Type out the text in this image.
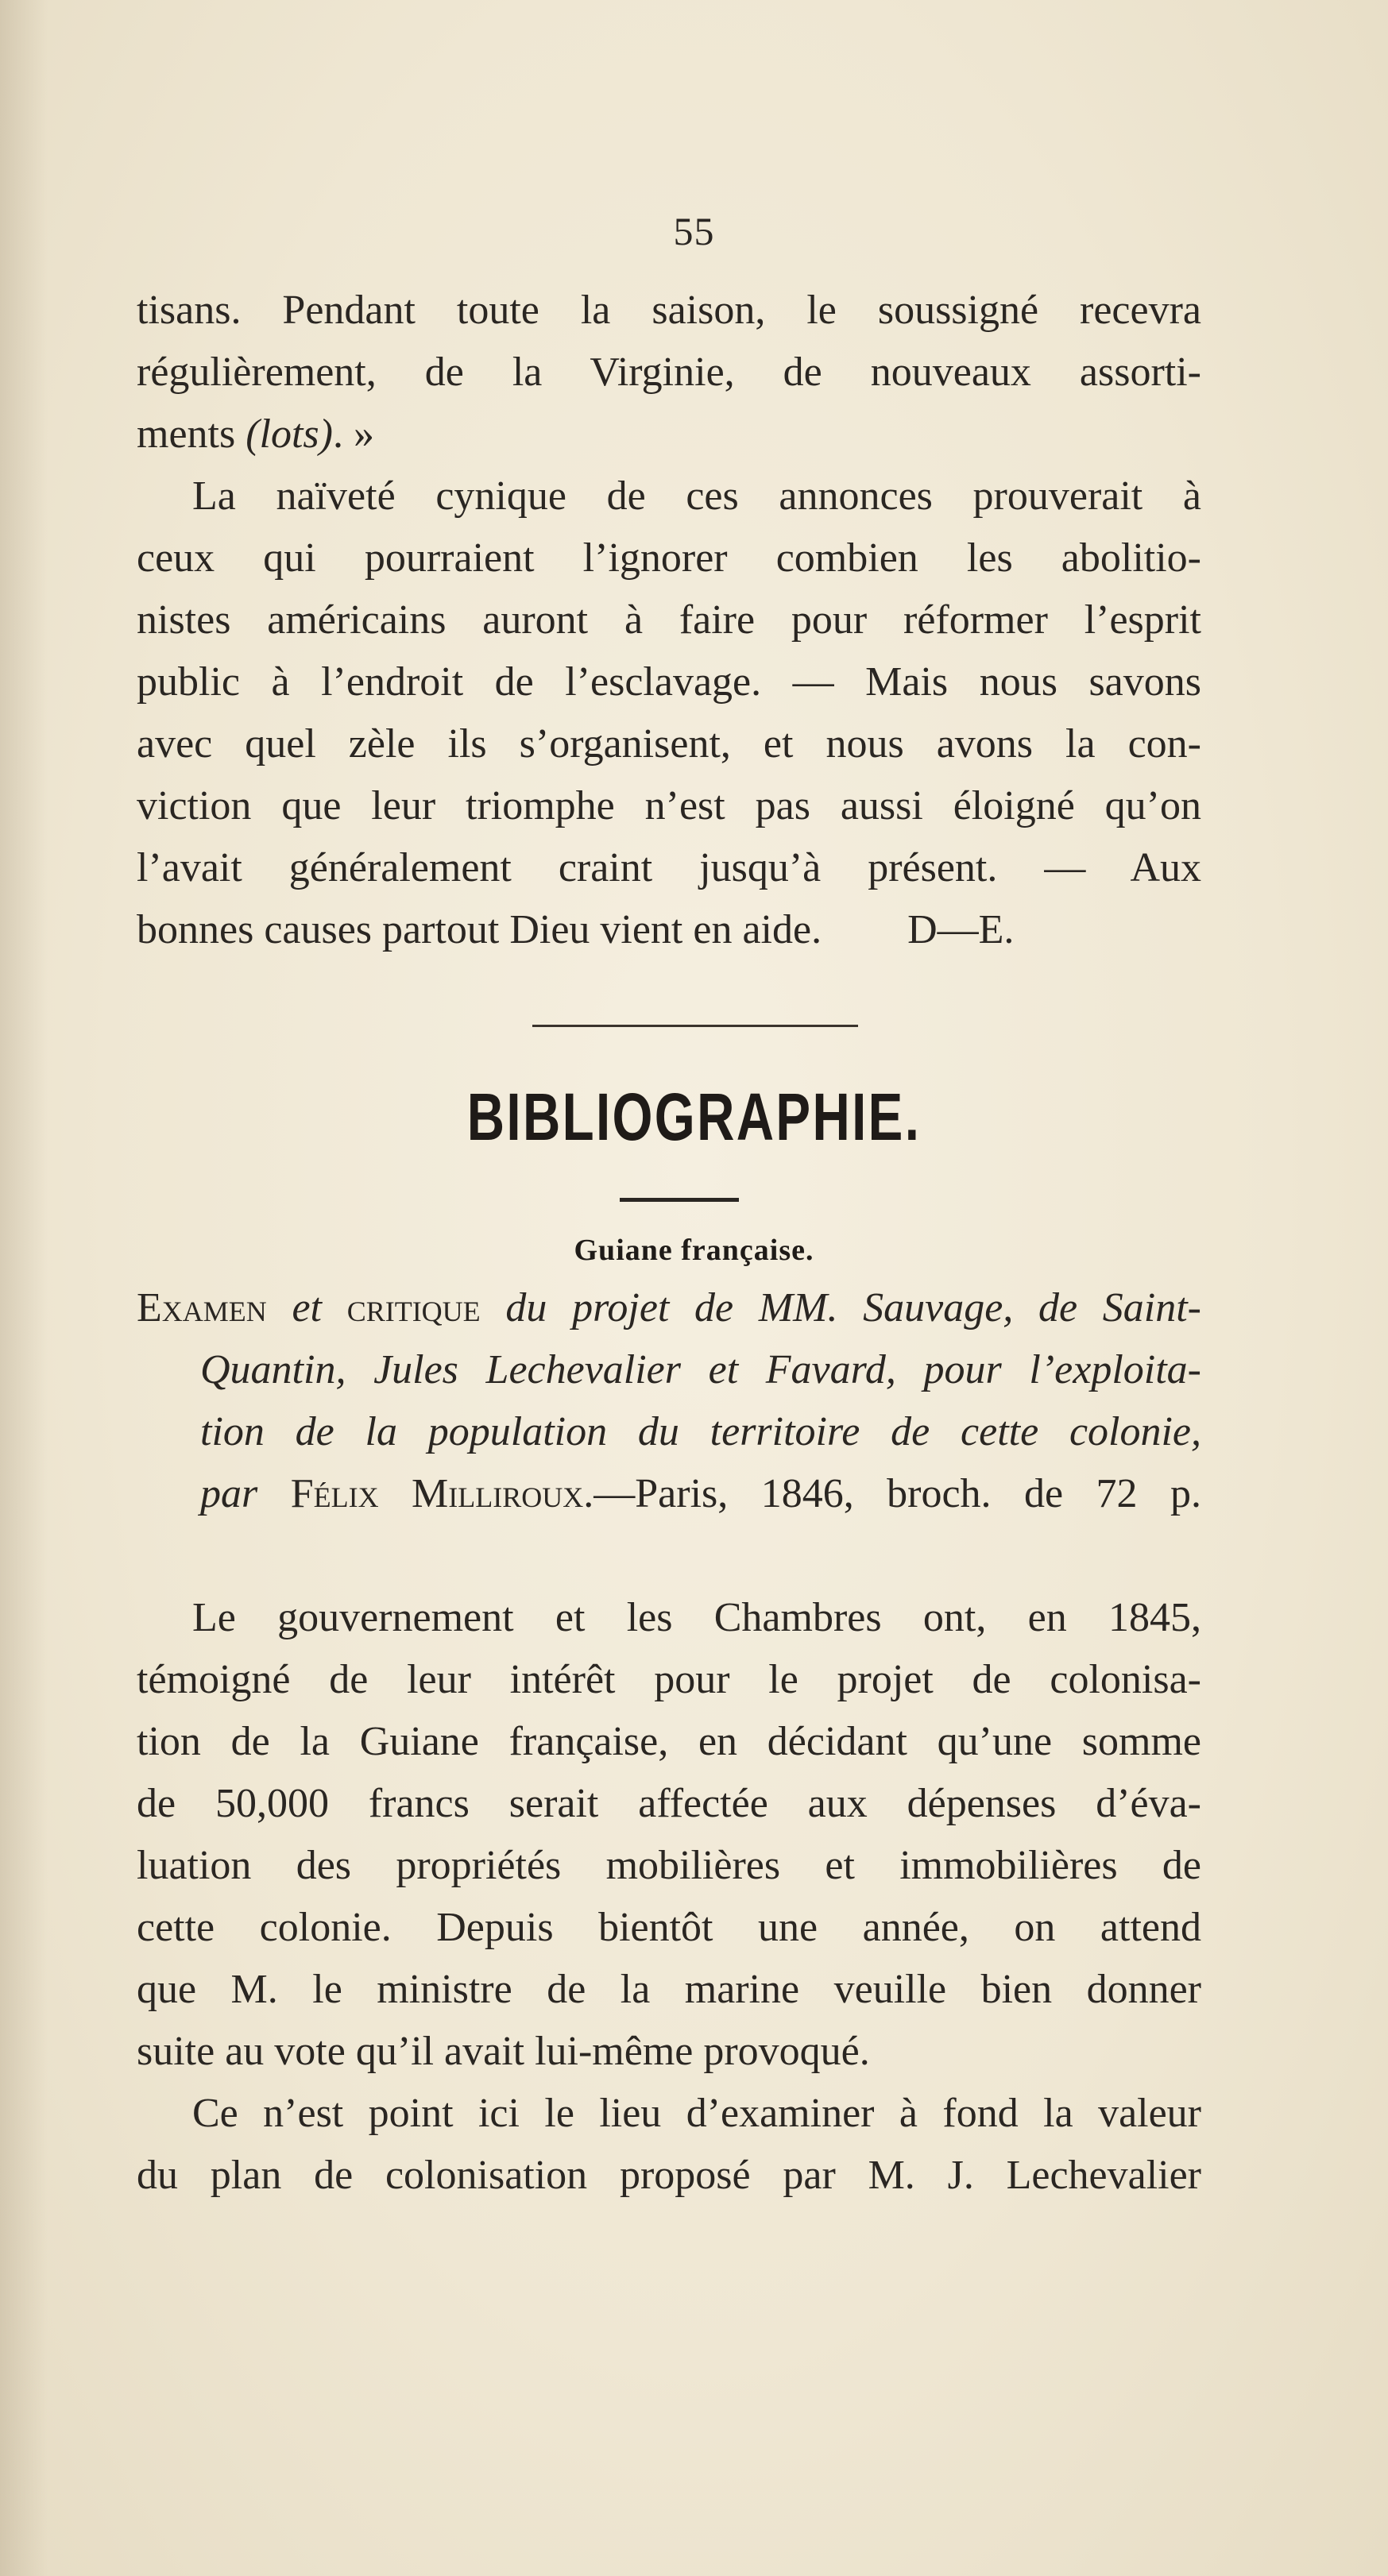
55
tisans. Pendant toute la saison, le soussigné recevra
régulièrement, de la Virginie, de nouveaux assorti-
ments (lots). »
La naïveté cynique de ces annonces prouverait à
ceux qui pourraient l’ignorer combien les abolitio-
nistes américains auront à faire pour réformer l’esprit
public à l’endroit de l’esclavage. — Mais nous savons
avec quel zèle ils s’organisent, et nous avons la con-
viction que leur triomphe n’est pas aussi éloigné qu’on
l’avait généralement craint jusqu’à présent. — Aux
bonnes causes partout Dieu vient en aide. D—E.
BIBLIOGRAPHIE.
Guiane française.
Examen et critique du projet de MM. Sauvage, de Saint-
Quantin, Jules Lechevalier et Favard, pour l’exploita-
tion de la population du territoire de cette colonie,
par Félix Milliroux.—Paris, 1846, broch. de 72 p.
Le gouvernement et les Chambres ont, en 1845,
témoigné de leur intérêt pour le projet de colonisa-
tion de la Guiane française, en décidant qu’une somme
de 50,000 francs serait affectée aux dépenses d’éva-
luation des propriétés mobilières et immobilières de
cette colonie. Depuis bientôt une année, on attend
que M. le ministre de la marine veuille bien donner
suite au vote qu’il avait lui-même provoqué.
Ce n’est point ici le lieu d’examiner à fond la valeur
du plan de colonisation proposé par M. J. Lechevalier
